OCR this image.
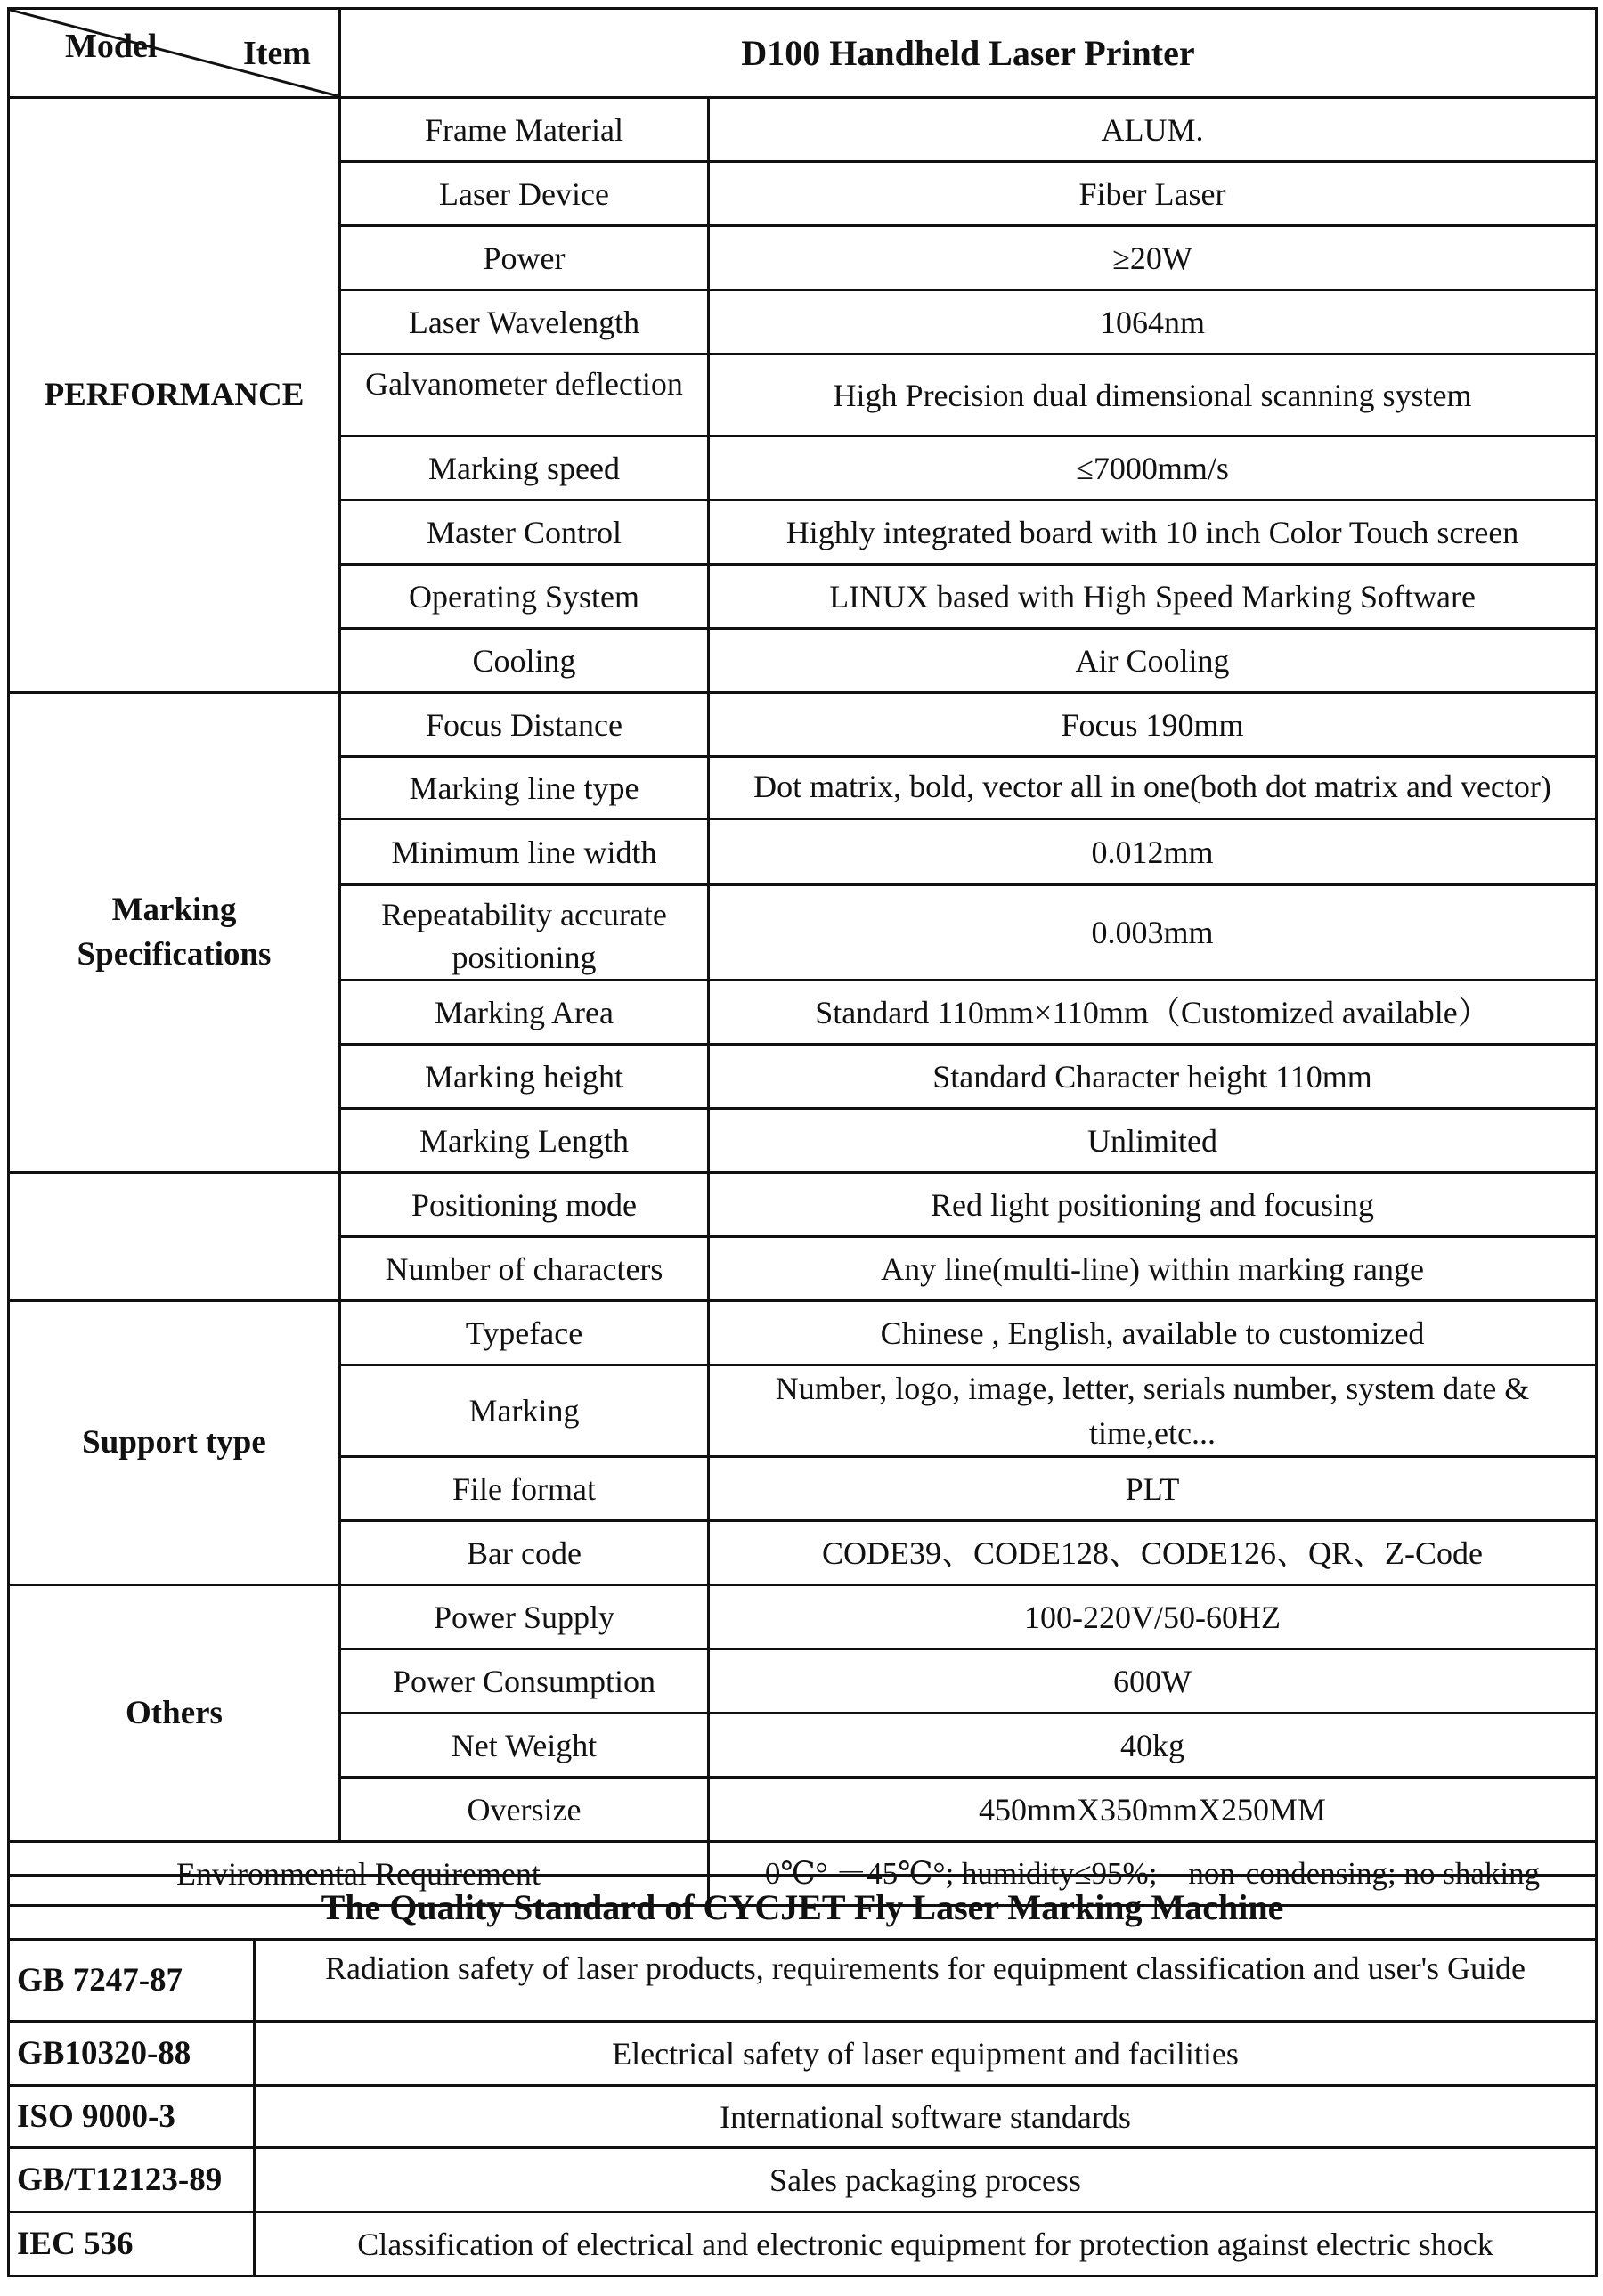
Model Item	D100 Handheld Laser Printer	
PERFORMANCE	Frame Material	ALUM.
	Laser Device	Fiber Laser
	Power	≥20W
	Laser Wavelength	1064nm
	Galvanometer deflection	High Precision dual dimensional scanning system
	Marking speed	≤7000mm/s
	Master Control	Highly integrated board with 10 inch Color Touch screen
	Operating System	LINUX based with High Speed Marking Software
	Cooling	Air Cooling
Marking Specifications	Focus Distance	Focus 190mm
	Marking line type	Dot matrix, bold, vector all in one(both dot matrix and vector)
	Minimum line width	0.012mm
	Repeatability accurate positioning	0.003mm
	Marking Area	Standard 110mm×110mm（Customized available）
	Marking height	Standard Character height 110mm
	Marking Length	Unlimited
	Positioning mode	Red light positioning and focusing
	Number of characters	Any line(multi-line) within marking range
Support type	Typeface	Chinese , English, available to customized
	Marking	Number, logo, image, letter, serials number, system date & time,etc...
	File format	PLT
	Bar code	CODE39、CODE128、CODE126、QR、Z-Code
Others	Power Supply	100-220V/50-60HZ
	Power Consumption	600W
	Net Weight	40kg
	Oversize	450mmX350mmX250MM
Environmental Requirement		0℃° －45℃°; humidity≤95%;    non-condensing; no shaking
The Quality Standard of CYCJET Fly Laser Marking Machine	
GB 7247-87	Radiation safety of laser products, requirements for equipment classification and user's Guide
GB10320-88	Electrical safety of laser equipment and facilities
ISO 9000-3	International software standards
GB/T12123-89	Sales packaging process
IEC 536	Classification of electrical and electronic equipment for protection against electric shock
